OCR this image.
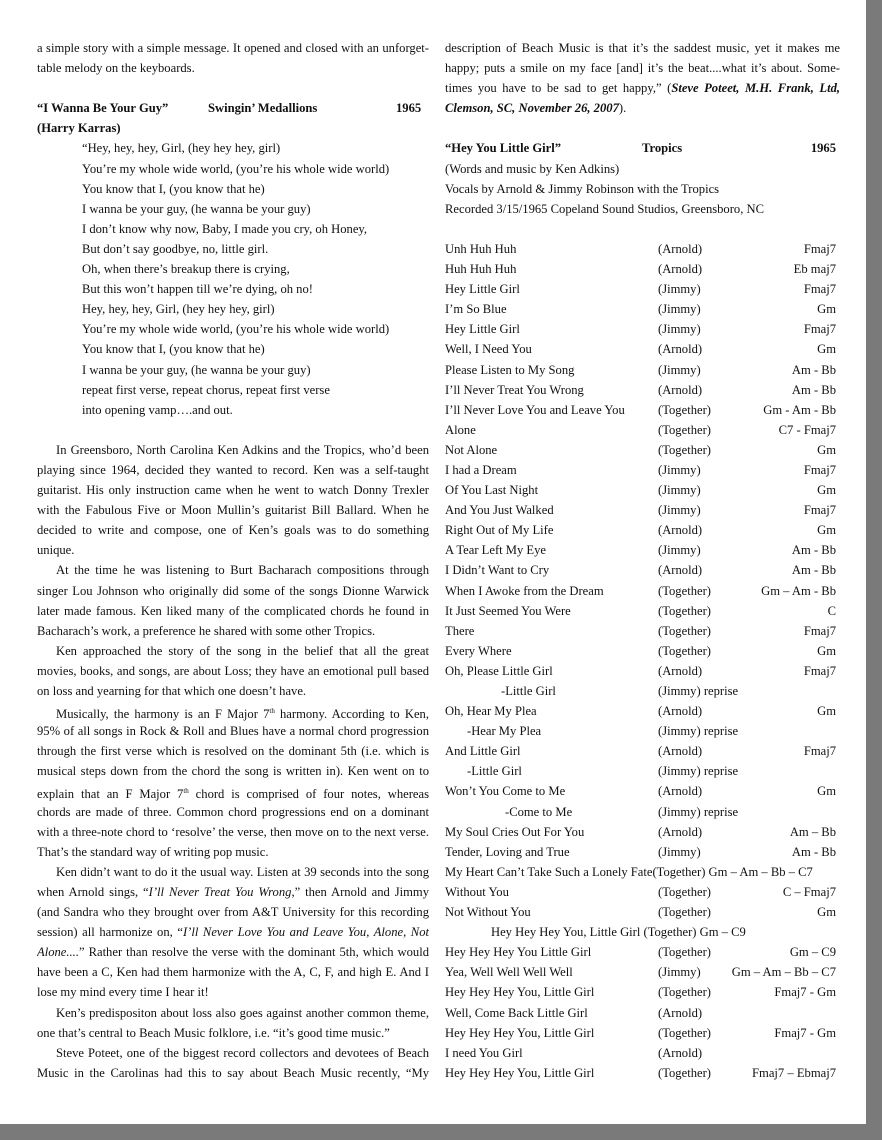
a simple story with a simple message. It opened and closed with an unforget-
table melody on the keyboards.
“I Wanna Be Your Guy”	Swingin’ Medallions	1965
(Harry Karras)
“Hey, hey, hey, Girl, (hey hey hey, girl)
You’re my whole wide world, (you’re his whole wide world)
You know that I, (you know that he)
I wanna be your guy, (he wanna be your guy)
I don’t know why now, Baby, I made you cry, oh Honey,
But don’t say goodbye, no, little girl.
Oh, when there’s breakup there is crying,
But this won’t happen till we’re dying, oh no!
Hey, hey, hey, Girl, (hey hey hey, girl)
You’re my whole wide world, (you’re his whole wide world)
You know that I, (you know that he)
I wanna be your guy, (he wanna be your guy)
repeat first verse, repeat chorus, repeat first verse
into opening vamp….and out.
In Greensboro, North Carolina Ken Adkins and the Tropics, who’d been
playing since 1964, decided they wanted to record. Ken was a self-taught
guitarist. His only instruction came when he went to watch Donny Trexler
with the Fabulous Five or Moon Mullin’s guitarist Bill Ballard. When he
decided to write and compose, one of Ken’s goals was to do something
unique.
At the time he was listening to Burt Bacharach compositions through
singer Lou Johnson who originally did some of the songs Dionne Warwick
later made famous. Ken liked many of the complicated chords he found in
Bacharach’s work, a preference he shared with some other Tropics.
Ken approached the story of the song in the belief that all the great
movies, books, and songs, are about Loss; they have an emotional pull based
on loss and yearning for that which one doesn’t have.
Musically, the harmony is an F Major 7th harmony. According to Ken,
95% of all songs in Rock & Roll and Blues have a normal chord progression
through the first verse which is resolved on the dominant 5th (i.e. which is
musical steps down from the chord the song is written in). Ken went on to
explain that an F Major 7th chord is comprised of four notes, whereas
chords are made of three. Common chord progressions end on a dominant
with a three-note chord to ‘resolve’ the verse, then move on to the next verse.
That’s the standard way of writing pop music.
Ken didn’t want to do it the usual way. Listen at 39 seconds into the song
when Arnold sings, “I’ll Never Treat You Wrong,” then Arnold and Jimmy
(and Sandra who they brought over from A&T University for this recording
session) all harmonize on, “I’ll Never Love You and Leave You, Alone, Not
Alone....” Rather than resolve the verse with the dominant 5th, which would
have been a C, Ken had them harmonize with the A, C, F, and high E. And I
lose my mind every time I hear it!
Ken’s predispositon about loss also goes against another common theme,
one that’s central to Beach Music folklore, i.e. “it’s good time music.”
Steve Poteet, one of the biggest record collectors and devotees of Beach
Music in the Carolinas had this to say about Beach Music recently, “My
description of Beach Music is that it’s the saddest music, yet it makes me
happy; puts a smile on my face [and] it’s the beat....what it’s about. Some-
times you have to be sad to get happy,” (Steve Poteet, M.H. Frank, Ltd,
Clemson, SC, November 26, 2007).
“Hey You Little Girl”	Tropics	1965
(Words and music by Ken Adkins)
Vocals by Arnold & Jimmy Robinson with the Tropics
Recorded 3/15/1965 Copeland Sound Studios, Greensboro, NC
Unh Huh Huh	(Arnold)	Fmaj7
Huh Huh Huh	(Arnold)	Eb maj7
Hey Little Girl	(Jimmy)	Fmaj7
I’m So Blue	(Jimmy)	Gm
Hey Little Girl	(Jimmy)	Fmaj7
Well, I Need You	(Arnold)	Gm
Please Listen to My Song	(Jimmy)	Am - Bb
I’ll Never Treat You Wrong	(Arnold)	Am - Bb
I’ll Never Love You and Leave You	(Together)	Gm - Am - Bb
Alone	(Together)	C7 - Fmaj7
Not Alone	(Together)	Gm
I had a Dream	(Jimmy)	Fmaj7
Of You Last Night	(Jimmy)	Gm
And You Just Walked	(Jimmy)	Fmaj7
Right Out of My Life	(Arnold)	Gm
A Tear Left My Eye	(Jimmy)	Am - Bb
I Didn’t Want to Cry	(Arnold)	Am - Bb
When I Awoke from the Dream	(Together)	Gm – Am - Bb
It Just Seemed You Were	(Together)	C
There	(Together)	Fmaj7
Every Where	(Together)	Gm
Oh, Please Little Girl	(Arnold)	Fmaj7
-Little Girl	(Jimmy) reprise
Oh, Hear My Plea	(Arnold)	Gm
-Hear My Plea	(Jimmy) reprise
And Little Girl	(Arnold)	Fmaj7
-Little Girl	(Jimmy) reprise
Won’t You Come to Me	(Arnold)	Gm
-Come to Me	(Jimmy) reprise
My Soul Cries Out For You	(Arnold)	Am – Bb
Tender, Loving and True	(Jimmy)	Am - Bb
My Heart Can’t Take Such a Lonely Fate(Together) Gm – Am – Bb – C7
Without You	(Together)	C – Fmaj7
Not Without You	(Together)	Gm
Hey Hey Hey You, Little Girl (Together) Gm – C9
Hey Hey Hey You Little Girl	(Together)	Gm – C9
Yea, Well Well Well Well	(Jimmy) Gm – Am – Bb – C7
Hey Hey Hey You, Little Girl	(Together)	Fmaj7 - Gm
Well, Come Back Little Girl	(Arnold)
Hey Hey Hey You, Little Girl	(Together)	Fmaj7 - Gm
I need You Girl	(Arnold)
Hey Hey Hey You, Little Girl	(Together)	Fmaj7 – Ebmaj7
